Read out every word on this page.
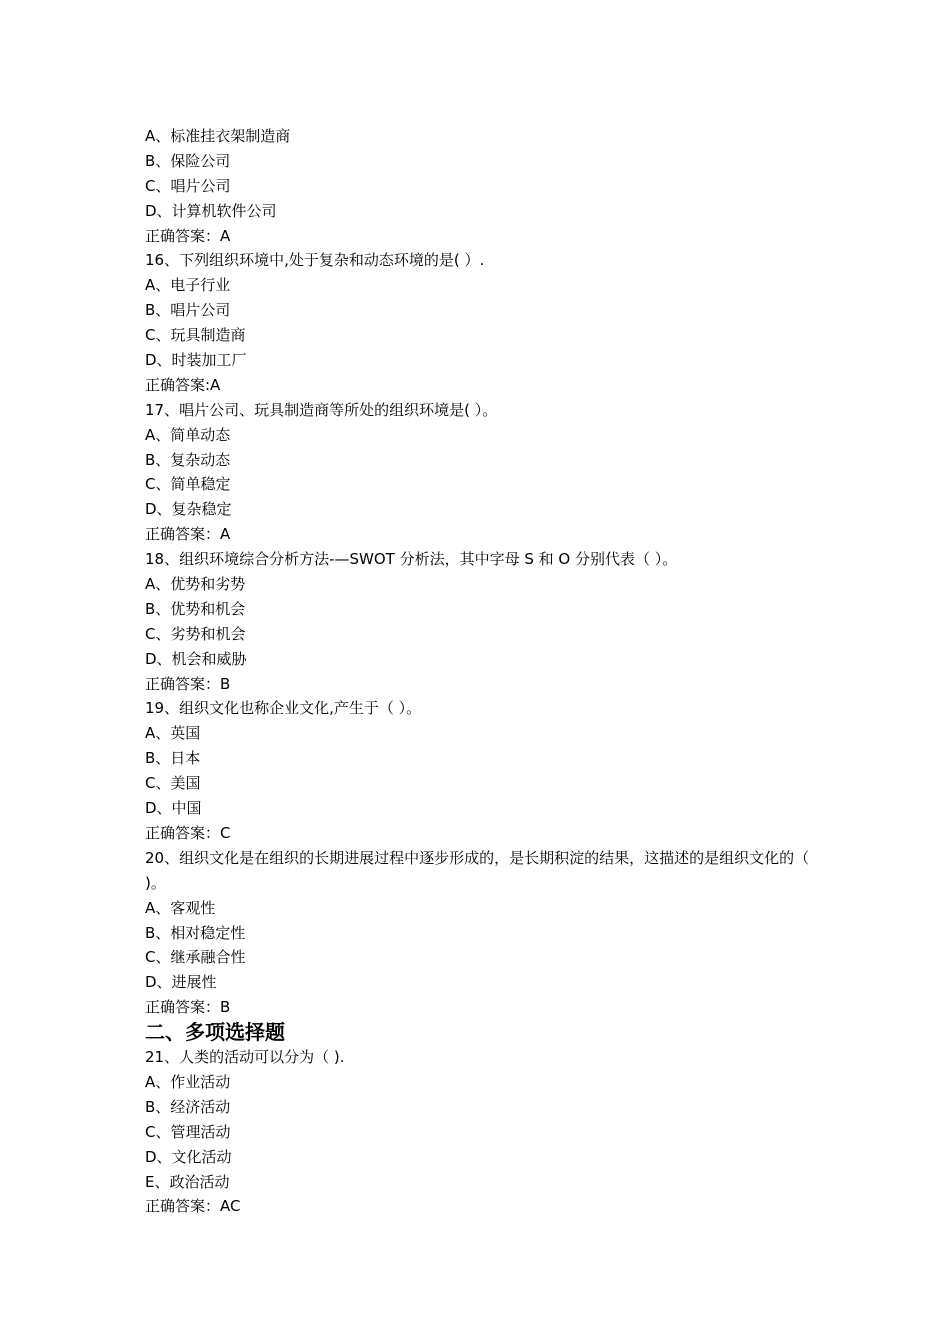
A、标准挂衣架制造商
B、保险公司
C、唱片公司
D、计算机软件公司
正确答案：A
16、下列组织环境中,处于复杂和动态环境的是( ）.
A、电子行业
B、唱片公司
C、玩具制造商
D、时装加工厂
正确答案:A
17、唱片公司、玩具制造商等所处的组织环境是( ）。
A、简单动态
B、复杂动态
C、简单稳定
D、复杂稳定
正确答案：A
18、组织环境综合分析方法-—SWOT 分析法，其中字母 S 和 O 分别代表（ ）。
A、优势和劣势
B、优势和机会
C、劣势和机会
D、机会和威胁
正确答案：B
19、组织文化也称企业文化,产生于（ ）。
A、英国
B、日本
C、美国
D、中国
正确答案：C
20、组织文化是在组织的长期进展过程中逐步形成的，是长期积淀的结果，这描述的是组织文化的（ )。
A、客观性
B、相对稳定性
C、继承融合性
D、进展性
正确答案：B
二、多项选择题
21、人类的活动可以分为（ ).
A、作业活动
B、经济活动
C、管理活动
D、文化活动
E、政治活动
正确答案：AC
